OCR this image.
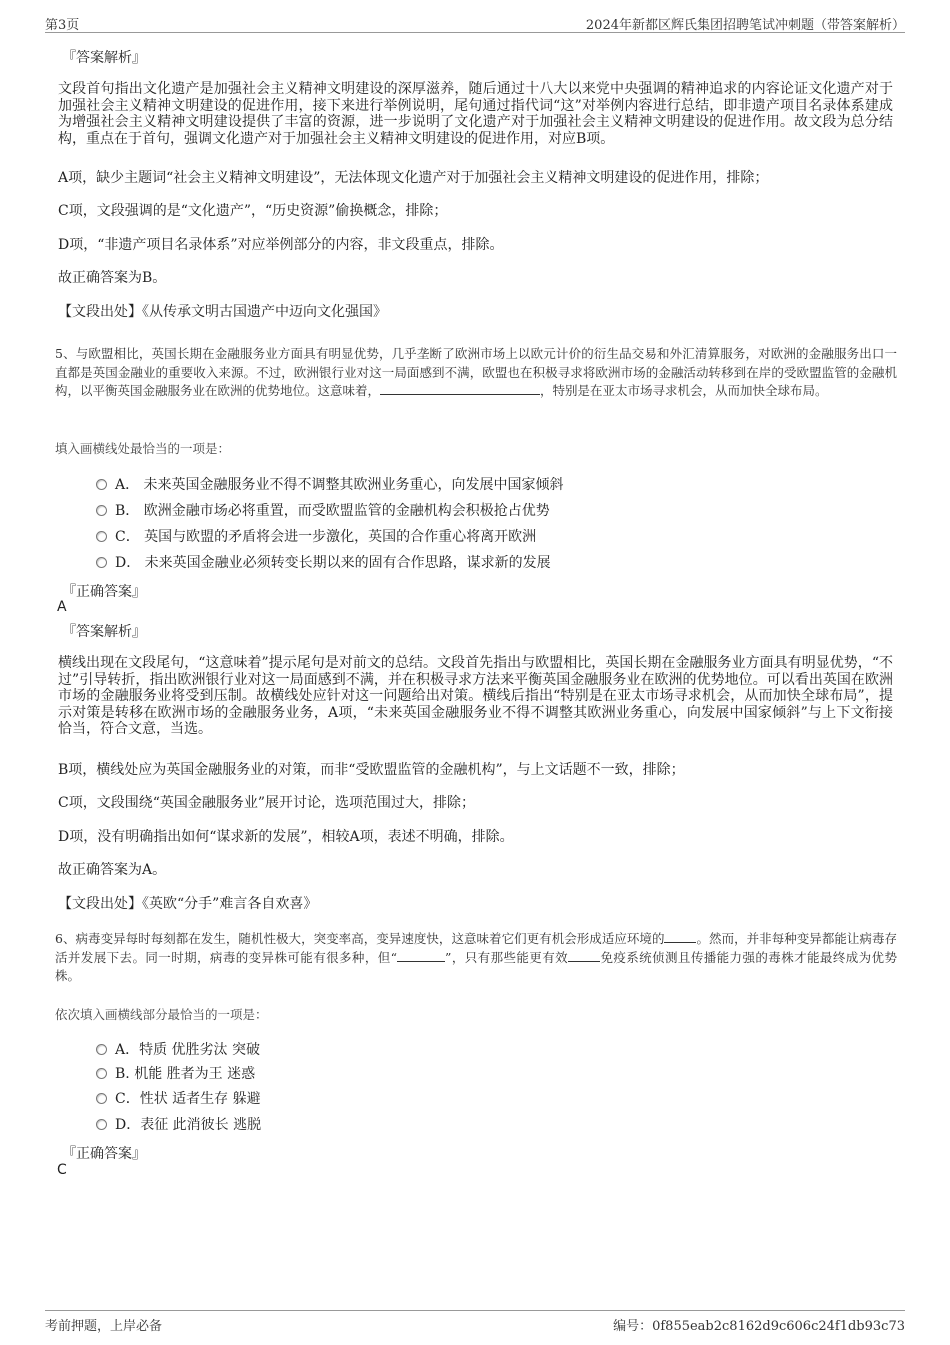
第3页	2024年新都区辉氏集团招聘笔试冲刺题（带答案解析）
『答案解析』
文段首句指出文化遗产是加强社会主义精神文明建设的深厚滋养，随后通过十八大以来党中央强调的精神追求的内容论证文化遗产对于加强社会主义精神文明建设的促进作用，接下来进行举例说明，尾句通过指代词“这”对举例内容进行总结，即非遗产项目名录体系建成为增强社会主义精神文明建设提供了丰富的资源，进一步说明了文化遗产对于加强社会主义精神文明建设的促进作用。故文段为总分结构，重点在于首句，强调文化遗产对于加强社会主义精神文明建设的促进作用，对应B项。
A项，缺少主题词“社会主义精神文明建设”，无法体现文化遗产对于加强社会主义精神文明建设的促进作用，排除；
C项，文段强调的是“文化遗产”，“历史资源”偷换概念，排除；
D项，“非遗产项目名录体系”对应举例部分的内容，非文段重点，排除。
故正确答案为B。
【文段出处】《从传承文明古国遗产中迈向文化强国》
5、与欧盟相比，英国长期在金融服务业方面具有明显优势，几乎垄断了欧洲市场上以欧元计价的衍生品交易和外汇清算服务，对欧洲的金融服务出口一直都是英国金融业的重要收入来源。不过，欧洲银行业对这一局面感到不满，欧盟也在积极寻求将欧洲市场的金融活动转移到在岸的受欧盟监管的金融机构，以平衡英国金融服务业在欧洲的优势地位。这意味着，	，特别是在亚太市场寻求机会，从而加快全球布局。
填入画横线处最恰当的一项是：
A． 未来英国金融服务业不得不调整其欧洲业务重心，向发展中国家倾斜
B． 欧洲金融市场必将重置，而受欧盟监管的金融机构会积极抢占优势
C． 英国与欧盟的矛盾将会进一步激化，英国的合作重心将离开欧洲
D． 未来英国金融业必须转变长期以来的固有合作思路，谋求新的发展
『正确答案』
A
『答案解析』
横线出现在文段尾句，“这意味着”提示尾句是对前文的总结。文段首先指出与欧盟相比，英国长期在金融服务业方面具有明显优势，“不过”引导转折，指出欧洲银行业对这一局面感到不满，并在积极寻求方法来平衡英国金融服务业在欧洲的优势地位。可以看出英国在欧洲市场的金融服务业将受到压制。故横线处应针对这一问题给出对策。横线后指出“特别是在亚太市场寻求机会，从而加快全球布局”，提示对策是转移在欧洲市场的金融服务业务，A项，“未来英国金融服务业不得不调整其欧洲业务重心，向发展中国家倾斜”与上下文衔接恰当，符合文意，当选。
B项，横线处应为英国金融服务业的对策，而非“受欧盟监管的金融机构”，与上文话题不一致，排除；
C项，文段围绕“英国金融服务业”展开讨论，选项范围过大，排除；
D项，没有明确指出如何“谋求新的发展”，相较A项，表述不明确，排除。
故正确答案为A。
【文段出处】《英欧“分手”难言各自欢喜》
6、病毒变异每时每刻都在发生，随机性极大，突变率高，变异速度快，这意味着它们更有机会形成适应环境的	。然而，并非每种变异都能让病毒存活并发展下去。同一时期，病毒的变异株可能有很多种，但“	”，只有那些能更有效	免疫系统侦测且传播能力强的毒株才能最终成为优势株。
依次填入画横线部分最恰当的一项是：
A．特质 优胜劣汰 突破
B. 机能 胜者为王 迷惑
C．性状 适者生存 躲避
D．表征 此消彼长 逃脱
『正确答案』
C
考前押题，上岸必备	编号：0f855eab2c8162d9c606c24f1db93c73
